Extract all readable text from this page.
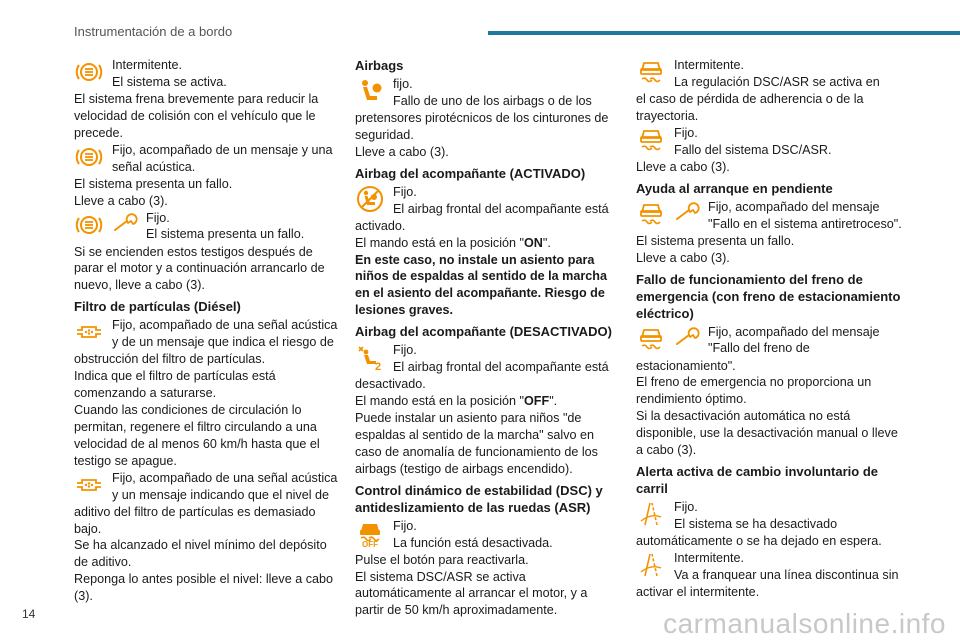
Instrumentación de a bordo

Intermitente.

El sistema se activa.

El sistema frena brevemente para reducir la velocidad de colisión con el vehículo que le precede.

Fijo, acompañado de un mensaje y una

señal acústica.

El sistema presenta un fallo.
Lleve a cabo (3).

Fijo.

El sistema presenta un fallo.

Si se encienden estos testigos después de parar el motor y a continuación arrancarlo de nuevo, lleve a cabo (3).

Filtro de partículas (Diésel)

Fijo, acompañado de una señal acústica

y de un mensaje que indica el riesgo de

obstrucción del filtro de partículas.
Indica que el filtro de partículas está comenzando a saturarse.
Cuando las condiciones de circulación lo permitan, regenere el filtro circulando a una velocidad de al menos 60 km/h hasta que el testigo se apague.

Fijo, acompañado de una señal acústica

y un mensaje indicando que el nivel de

aditivo del filtro de partículas es demasiado bajo.
Se ha alcanzado el nivel mínimo del depósito de aditivo.
Reponga lo antes posible el nivel: lleve a cabo (3).

Airbags

fijo.

Fallo de uno de los airbags o de los

pretensores pirotécnicos de los cinturones de seguridad.
Lleve a cabo (3).

Airbag del acompañante (ACTIVADO)

Fijo.

El airbag frontal del acompañante está

activado.

El mando está en la posición "ON".

En este caso, no instale un asiento para niños de espaldas al sentido de la marcha en el asiento del acompañante. Riesgo de lesiones graves.

Airbag del acompañante (DESACTIVADO)

Fijo.

El airbag frontal del acompañante está

desactivado.

El mando está en la posición "OFF".

Puede instalar un asiento para niños "de espaldas al sentido de la marcha" salvo en caso de anomalía de funcionamiento de los airbags (testigo de airbags encendido).

Control dinámico de estabilidad (DSC) y antideslizamiento de las ruedas (ASR)
OFF

Fijo.

La función está desactivada.

Pulse el botón para reactivarla.
El sistema DSC/ASR se activa automáticamente al arrancar el motor, y a partir de 50 km/h aproximadamente.

Intermitente.

La regulación DSC/ASR se activa en

el caso de pérdida de adherencia o de la trayectoria.

Fijo.

Fallo del sistema DSC/ASR.

Lleve a cabo (3).

Ayuda al arranque en pendiente

Fijo, acompañado del mensaje

"Fallo en el sistema antiretroceso".

El sistema presenta un fallo.
Lleve a cabo (3).

Fallo de funcionamiento del freno de emergencia (con freno de estacionamiento eléctrico)

Fijo, acompañado del mensaje

"Fallo del freno de

estacionamiento".
El freno de emergencia no proporciona un rendimiento óptimo.
Si la desactivación automática no está disponible, use la desactivación manual o lleve a cabo (3).

Alerta activa de cambio involuntario de carril

Fijo.

El sistema se ha desactivado

automáticamente o se ha dejado en espera.

Intermitente.

Va a franquear una línea discontinua sin

activar el intermitente.

14	carmanualsonline.info
